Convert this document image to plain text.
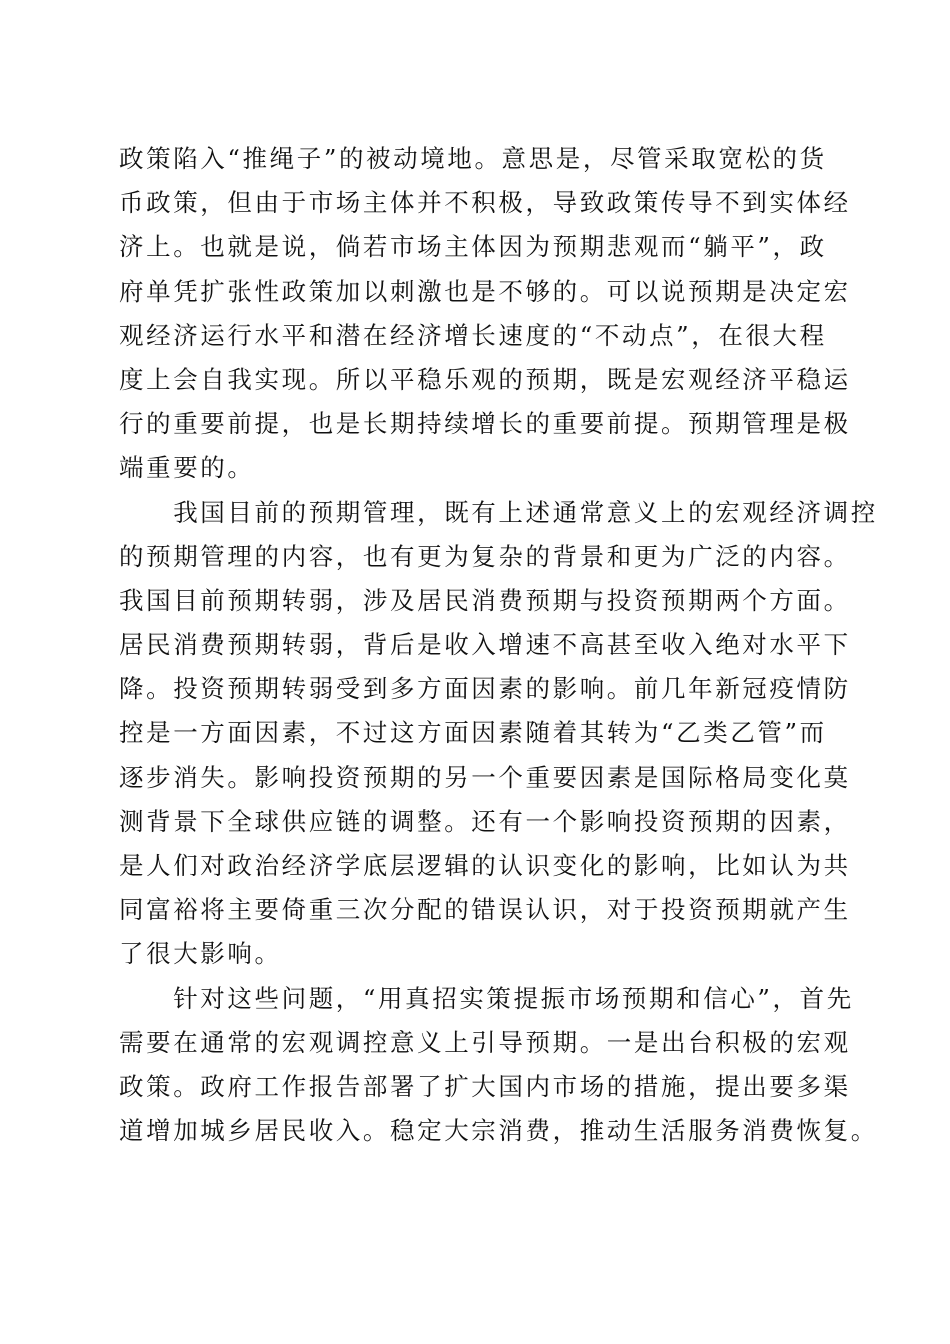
政策陷入“推绳子”的被动境地。意思是，尽管采取宽松的货
币政策，但由于市场主体并不积极，导致政策传导不到实体经
济上。也就是说，倘若市场主体因为预期悲观而“躺平”，政
府单凭扩张性政策加以刺激也是不够的。可以说预期是决定宏
观经济运行水平和潜在经济增长速度的“不动点”，在很大程
度上会自我实现。所以平稳乐观的预期，既是宏观经济平稳运
行的重要前提，也是长期持续增长的重要前提。预期管理是极
端重要的。
　　我国目前的预期管理，既有上述通常意义上的宏观经济调控
的预期管理的内容，也有更为复杂的背景和更为广泛的内容。
我国目前预期转弱，涉及居民消费预期与投资预期两个方面。
居民消费预期转弱，背后是收入增速不高甚至收入绝对水平下
降。投资预期转弱受到多方面因素的影响。前几年新冠疫情防
控是一方面因素，不过这方面因素随着其转为“乙类乙管”而
逐步消失。影响投资预期的另一个重要因素是国际格局变化莫
测背景下全球供应链的调整。还有一个影响投资预期的因素，
是人们对政治经济学底层逻辑的认识变化的影响，比如认为共
同富裕将主要倚重三次分配的错误认识，对于投资预期就产生
了很大影响。
　　针对这些问题，“用真招实策提振市场预期和信心”，首先
需要在通常的宏观调控意义上引导预期。一是出台积极的宏观
政策。政府工作报告部署了扩大国内市场的措施，提出要多渠
道增加城乡居民收入。稳定大宗消费，推动生活服务消费恢复。
